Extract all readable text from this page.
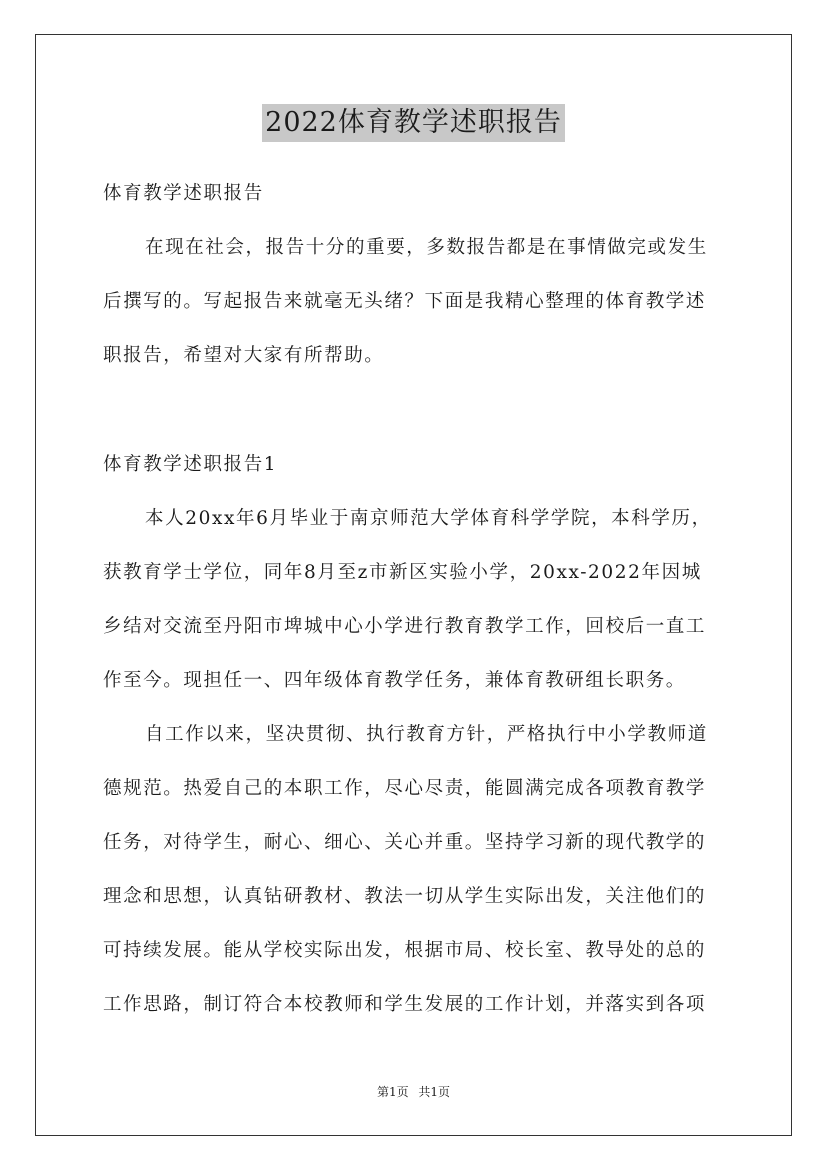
2022体育教学述职报告
体育教学述职报告
在现在社会，报告十分的重要，多数报告都是在事情做完或发生
后撰写的。写起报告来就毫无头绪？下面是我精心整理的体育教学述
职报告，希望对大家有所帮助。
体育教学述职报告1
本人20xx年6月毕业于南京师范大学体育科学学院，本科学历，
获教育学士学位，同年8月至z市新区实验小学，20xx-2022年因城
乡结对交流至丹阳市埤城中心小学进行教育教学工作，回校后一直工
作至今。现担任一、四年级体育教学任务，兼体育教研组长职务。
自工作以来，坚决贯彻、执行教育方针，严格执行中小学教师道
德规范。热爱自己的本职工作，尽心尽责，能圆满完成各项教育教学
任务，对待学生，耐心、细心、关心并重。坚持学习新的现代教学的
理念和思想，认真钻研教材、教法一切从学生实际出发，关注他们的
可持续发展。能从学校实际出发，根据市局、校长室、教导处的总的
工作思路，制订符合本校教师和学生发展的工作计划，并落实到各项
第1页 共1页
